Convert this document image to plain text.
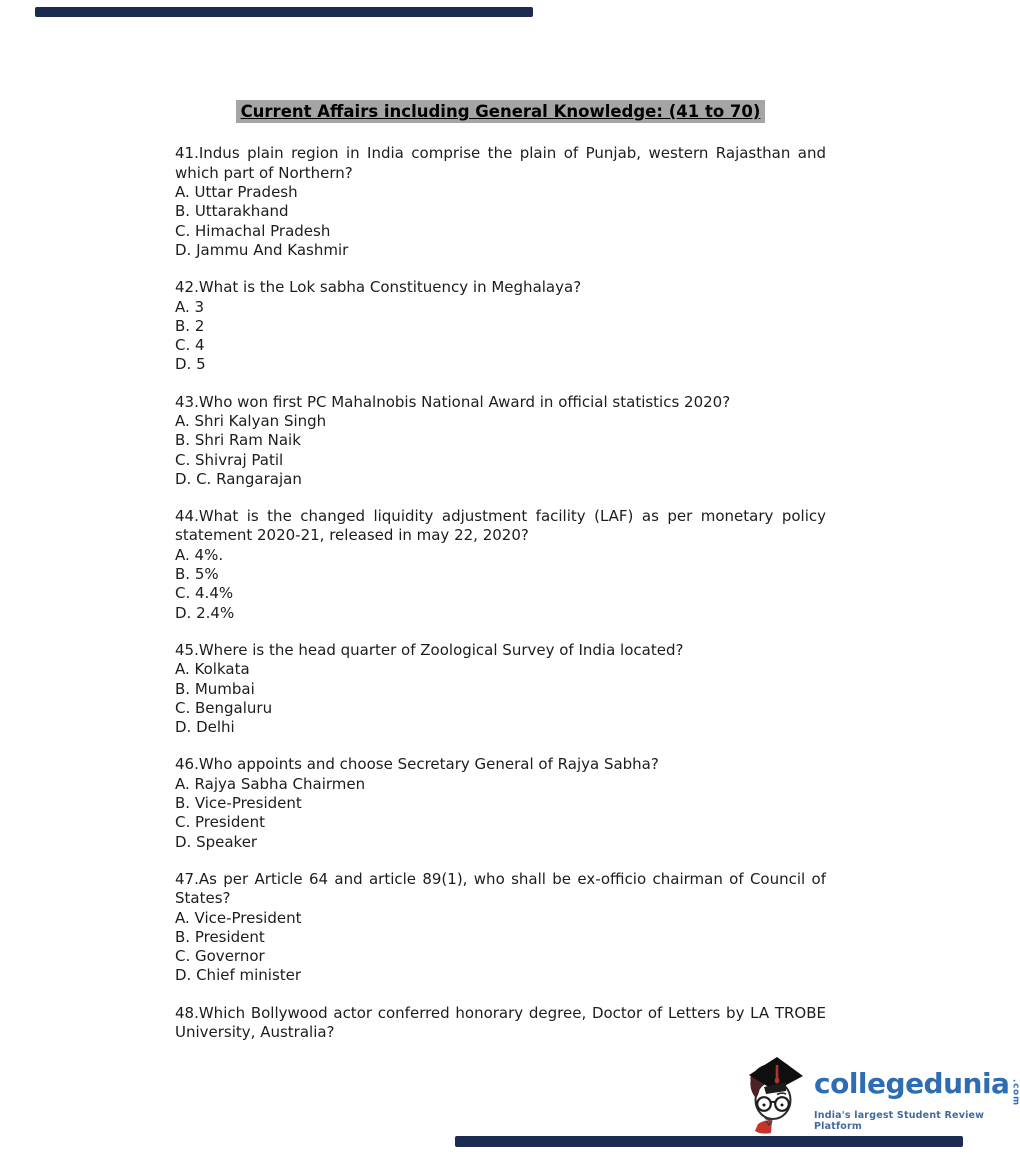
Current Affairs including General Knowledge: (41 to 70)
41.Indus plain region in India comprise the plain of Punjab, western Rajasthan and which part of Northern?
A. Uttar Pradesh
B. Uttarakhand
C. Himachal Pradesh
D. Jammu And Kashmir
42.What is the Lok sabha Constituency in Meghalaya?
A. 3
B. 2
C. 4
D. 5
43.Who won first PC Mahalnobis National Award in official statistics 2020?
A. Shri Kalyan Singh
B. Shri Ram Naik
C. Shivraj Patil
D. C. Rangarajan
44.What is the changed liquidity adjustment facility (LAF) as per monetary policy statement 2020-21, released in may 22, 2020?
A. 4%.
B. 5%
C. 4.4%
D. 2.4%
45.Where is the head quarter of Zoological Survey of India located?
A. Kolkata
B. Mumbai
C. Bengaluru
D. Delhi
46.Who appoints and choose Secretary General of Rajya Sabha?
A. Rajya Sabha Chairmen
B. Vice-President
C. President
D. Speaker
47.As per Article 64 and article 89(1), who shall be ex-officio chairman of Council of States?
A. Vice-President
B. President
C. Governor
D. Chief minister
48.Which Bollywood actor conferred honorary degree, Doctor of Letters by LA TROBE University, Australia?
collegedunia .com
India's largest Student Review Platform
